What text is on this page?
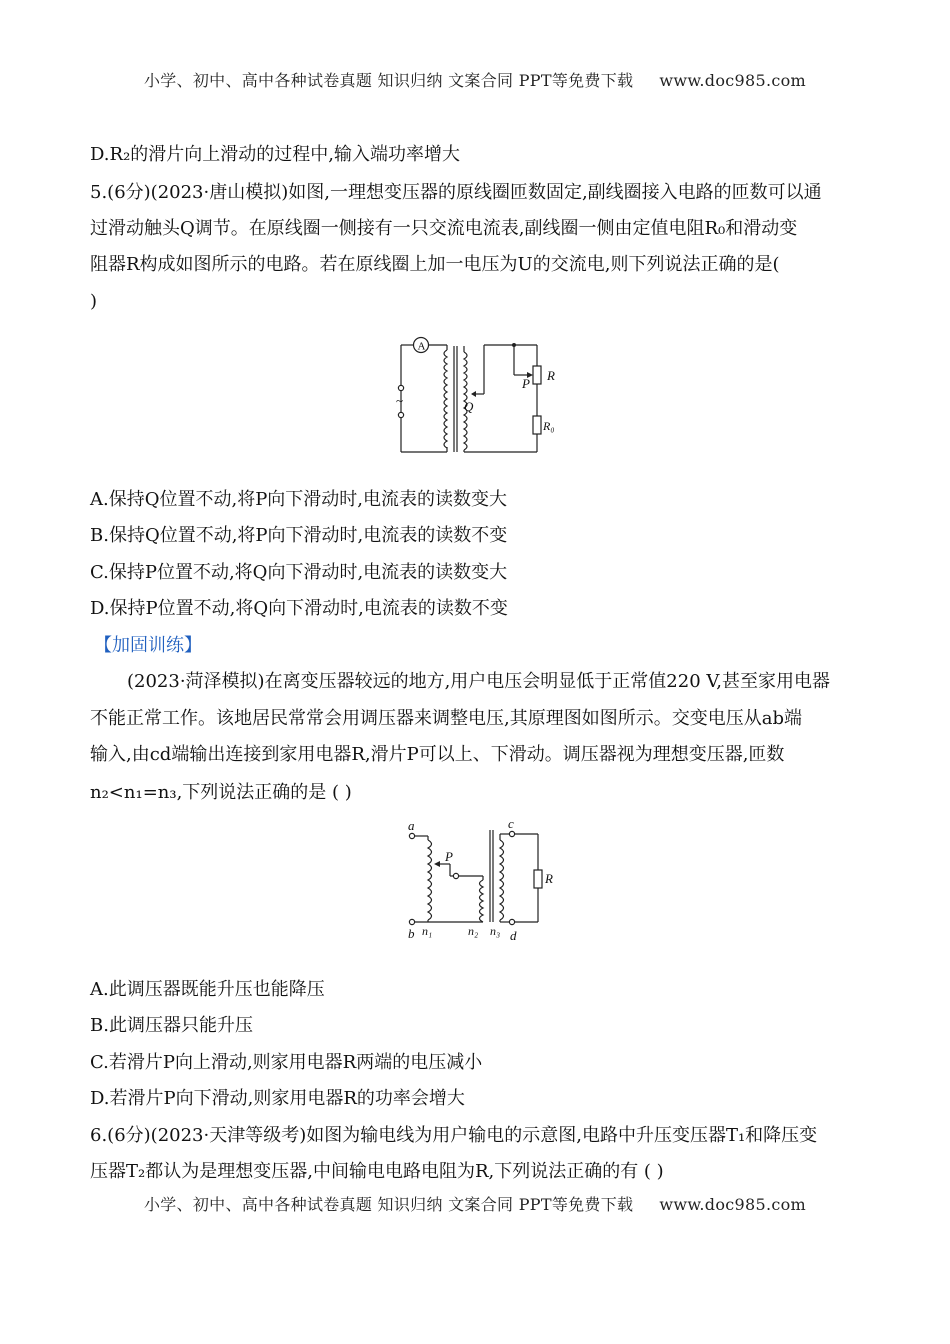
小学、初中、高中各种试卷真题 知识归纳 文案合同 PPT等免费下载 www.doc985.com
D.R₂的滑片向上滑动的过程中,输入端功率增大
5.(6分)(2023·唐山模拟)如图,一理想变压器的原线圈匝数固定,副线圈接入电路的匝数可以通
过滑动触头Q调节。在原线圈一侧接有一只交流电流表,副线圈一侧由定值电阻R₀和滑动变
阻器R构成如图所示的电路。若在原线圈上加一电压为U的交流电,则下列说法正确的是(
)
A
~	Q
P
R
R₀
A.保持Q位置不动,将P向下滑动时,电流表的读数变大
B.保持Q位置不动,将P向下滑动时,电流表的读数不变
C.保持P位置不动,将Q向下滑动时,电流表的读数变大
D.保持P位置不动,将Q向下滑动时,电流表的读数不变
【加固训练】
(2023·菏泽模拟)在离变压器较远的地方,用户电压会明显低于正常值220 V,甚至家用电器
不能正常工作。该地居民常常会用调压器来调整电压,其原理图如图所示。交变电压从ab端
输入,由cd端输出连接到家用电器R,滑片P可以上、下滑动。调压器视为理想变压器,匝数
n₂<n₁=n₃,下列说法正确的是 ( )
a
b
c
d
P
R
n₁	n₂ n₃
A.此调压器既能升压也能降压
B.此调压器只能升压
C.若滑片P向上滑动,则家用电器R两端的电压减小
D.若滑片P向下滑动,则家用电器R的功率会增大
6.(6分)(2023·天津等级考)如图为输电线为用户输电的示意图,电路中升压变压器T₁和降压变
压器T₂都认为是理想变压器,中间输电电路电阻为R,下列说法正确的有 ( )
小学、初中、高中各种试卷真题 知识归纳 文案合同 PPT等免费下载 www.doc985.com
